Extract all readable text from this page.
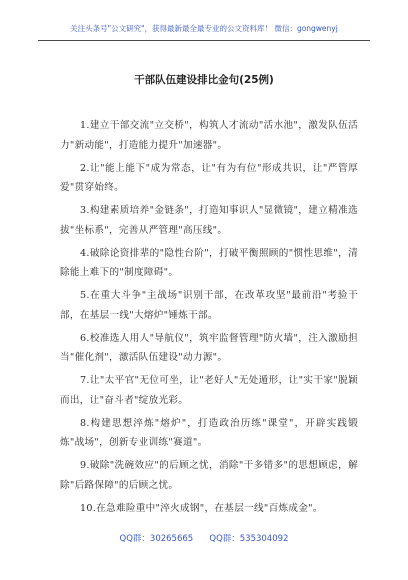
关注头条号"公文研究"，获得最新最全最专业的公文资料库！ 微信：gongwenyj
干部队伍建设排比金句(25例)

1.建立干部交流"立交桥"，构筑人才流动"活水池"，激发队伍活力"新动能"，打造能力提升"加速器"。

2.让"能上能下"成为常态，让"有为有位"形成共识，让"严管厚爱"贯穿始终。

3.构建素质培养"金链条"，打造知事识人"显微镜"，建立精准选拔"坐标系"，完善从严管理"高压线"。

4.破除论资排辈的"隐性台阶"，打破平衡照顾的"惯性思维"，清除能上难下的"制度障碍"。

5.在重大斗争"主战场"识别干部，在改革攻坚"最前沿"考验干部，在基层一线"大熔炉"锤炼干部。

6.校准选人用人"导航仪"，筑牢监督管理"防火墙"，注入激励担当"催化剂"，激活队伍建设"动力源"。

7.让"太平官"无位可坐，让"老好人"无处遁形，让"实干家"脱颖而出，让"奋斗者"绽放光彩。

8.构建思想淬炼"熔炉"，打造政治历练"课堂"，开辟实践锻炼"战场"，创新专业训练"赛道"。

9.破除"洗碗效应"的后顾之忧，消除"干多错多"的思想顾虑，解除"后路保障"的后顾之忧。

10.在急难险重中"淬火成钢"，在基层一线"百炼成金"。

QQ群：30265665      QQ群：535304092
